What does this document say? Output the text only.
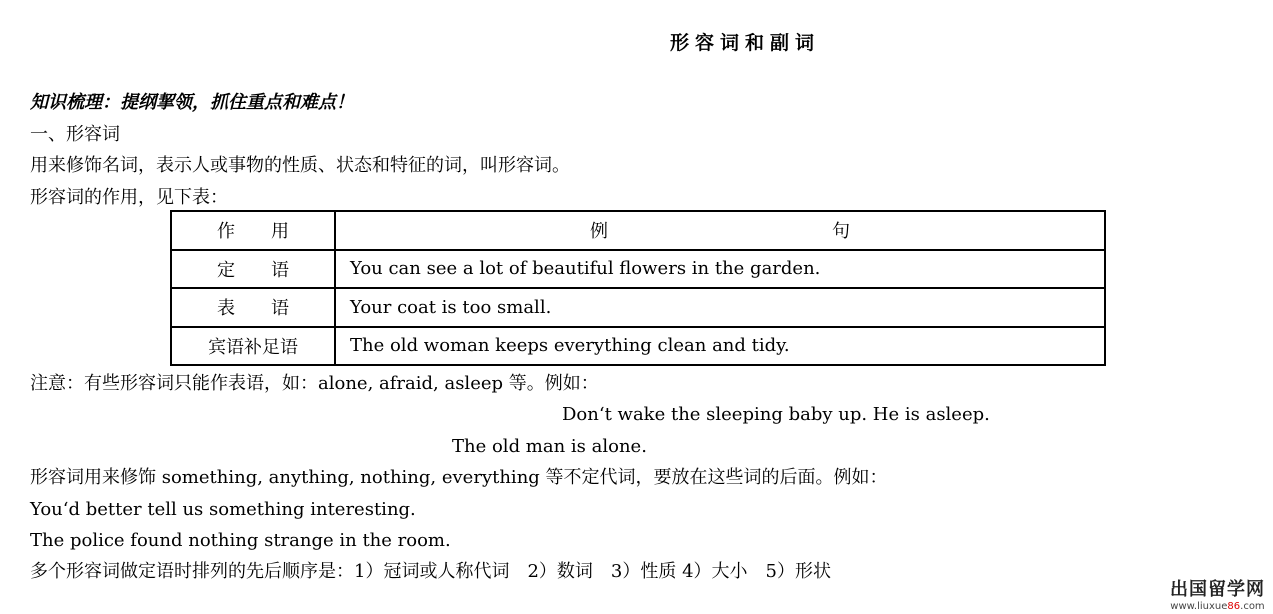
形容词和副词
知识梳理：提纲挈领，抓住重点和难点！
一、形容词
用来修饰名词，表示人或事物的性质、状态和特征的词，叫形容词。
形容词的作用，见下表：
作　　用	例 句

定　　语	You can see a lot of beautiful flowers in the garden.
表　　语	Your coat is too small.
宾语补足语	The old woman keeps everything clean and tidy.
注意：有些形容词只能作表语，如：alone, afraid, asleep 等。例如：
Don‘t wake the sleeping baby up. He is asleep.
The old man is alone.
形容词用来修饰 something, anything, nothing, everything 等不定代词，要放在这些词的后面。例如：
You‘d better tell us something interesting.
The police found nothing strange in the room.
多个形容词做定语时排列的先后顺序是：1）冠词或人称代词　2）数词　3）性质 4）大小　5）形状
出国留学网
www.liuxue86.com
